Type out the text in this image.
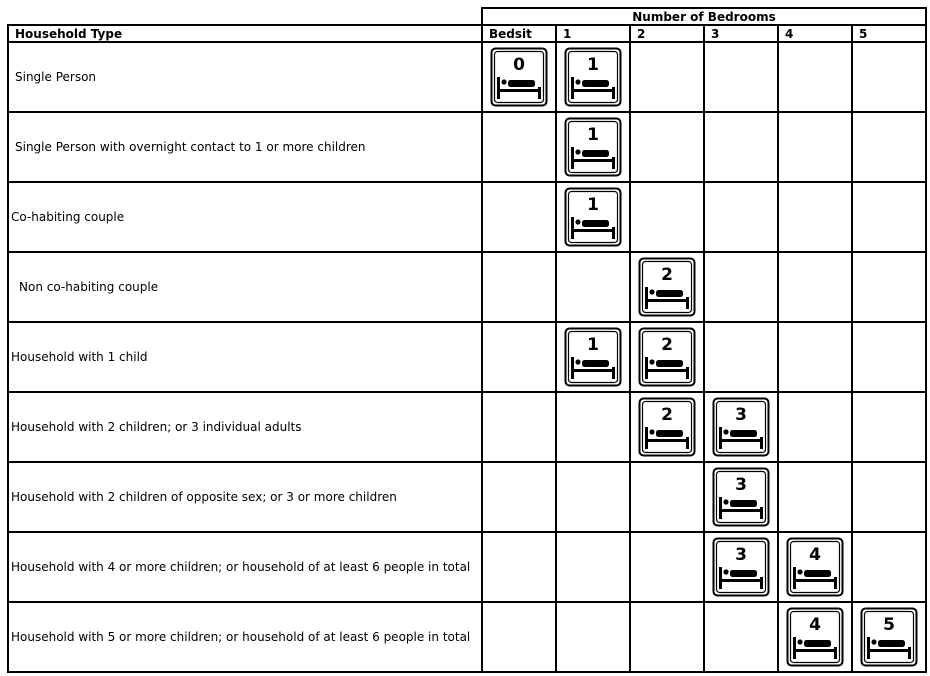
	Number of Bedrooms					
Household Type	Bedsit	1	2	3	4	5
Single Person	0	1				

Single Person with overnight contact to 1 or more children		1				

Co-habiting couple		1				

Non co-habiting couple			2			

Household with 1 child		1	2			

Household with 2 children; or 3 individual adults			2	3		

Household with 2 children of opposite sex; or 3 or more children				3		

Household with 4 or more children; or household of at least 6 people in total				3	4	

Household with 5 or more children; or household of at least 6 people in total					4	5
